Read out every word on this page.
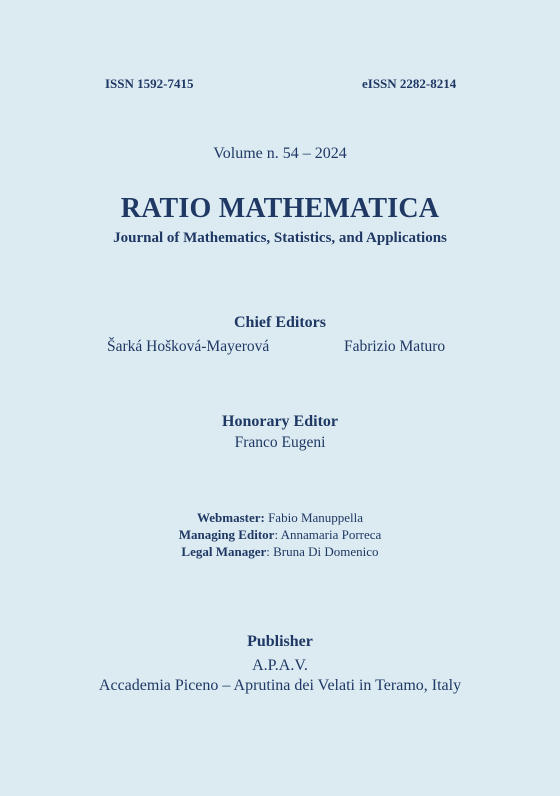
ISSN 1592-7415	eISSN 2282-8214
Volume n. 54 – 2024
RATIO MATHEMATICA
Journal of Mathematics, Statistics, and Applications
Chief Editors
Šarká Hošková-Mayerová	Fabrizio Maturo
Honorary Editor
Franco Eugeni
Webmaster: Fabio Manuppella
Managing Editor: Annamaria Porreca
Legal Manager: Bruna Di Domenico
Publisher
A.P.A.V.
Accademia Piceno – Aprutina dei Velati in Teramo, Italy
